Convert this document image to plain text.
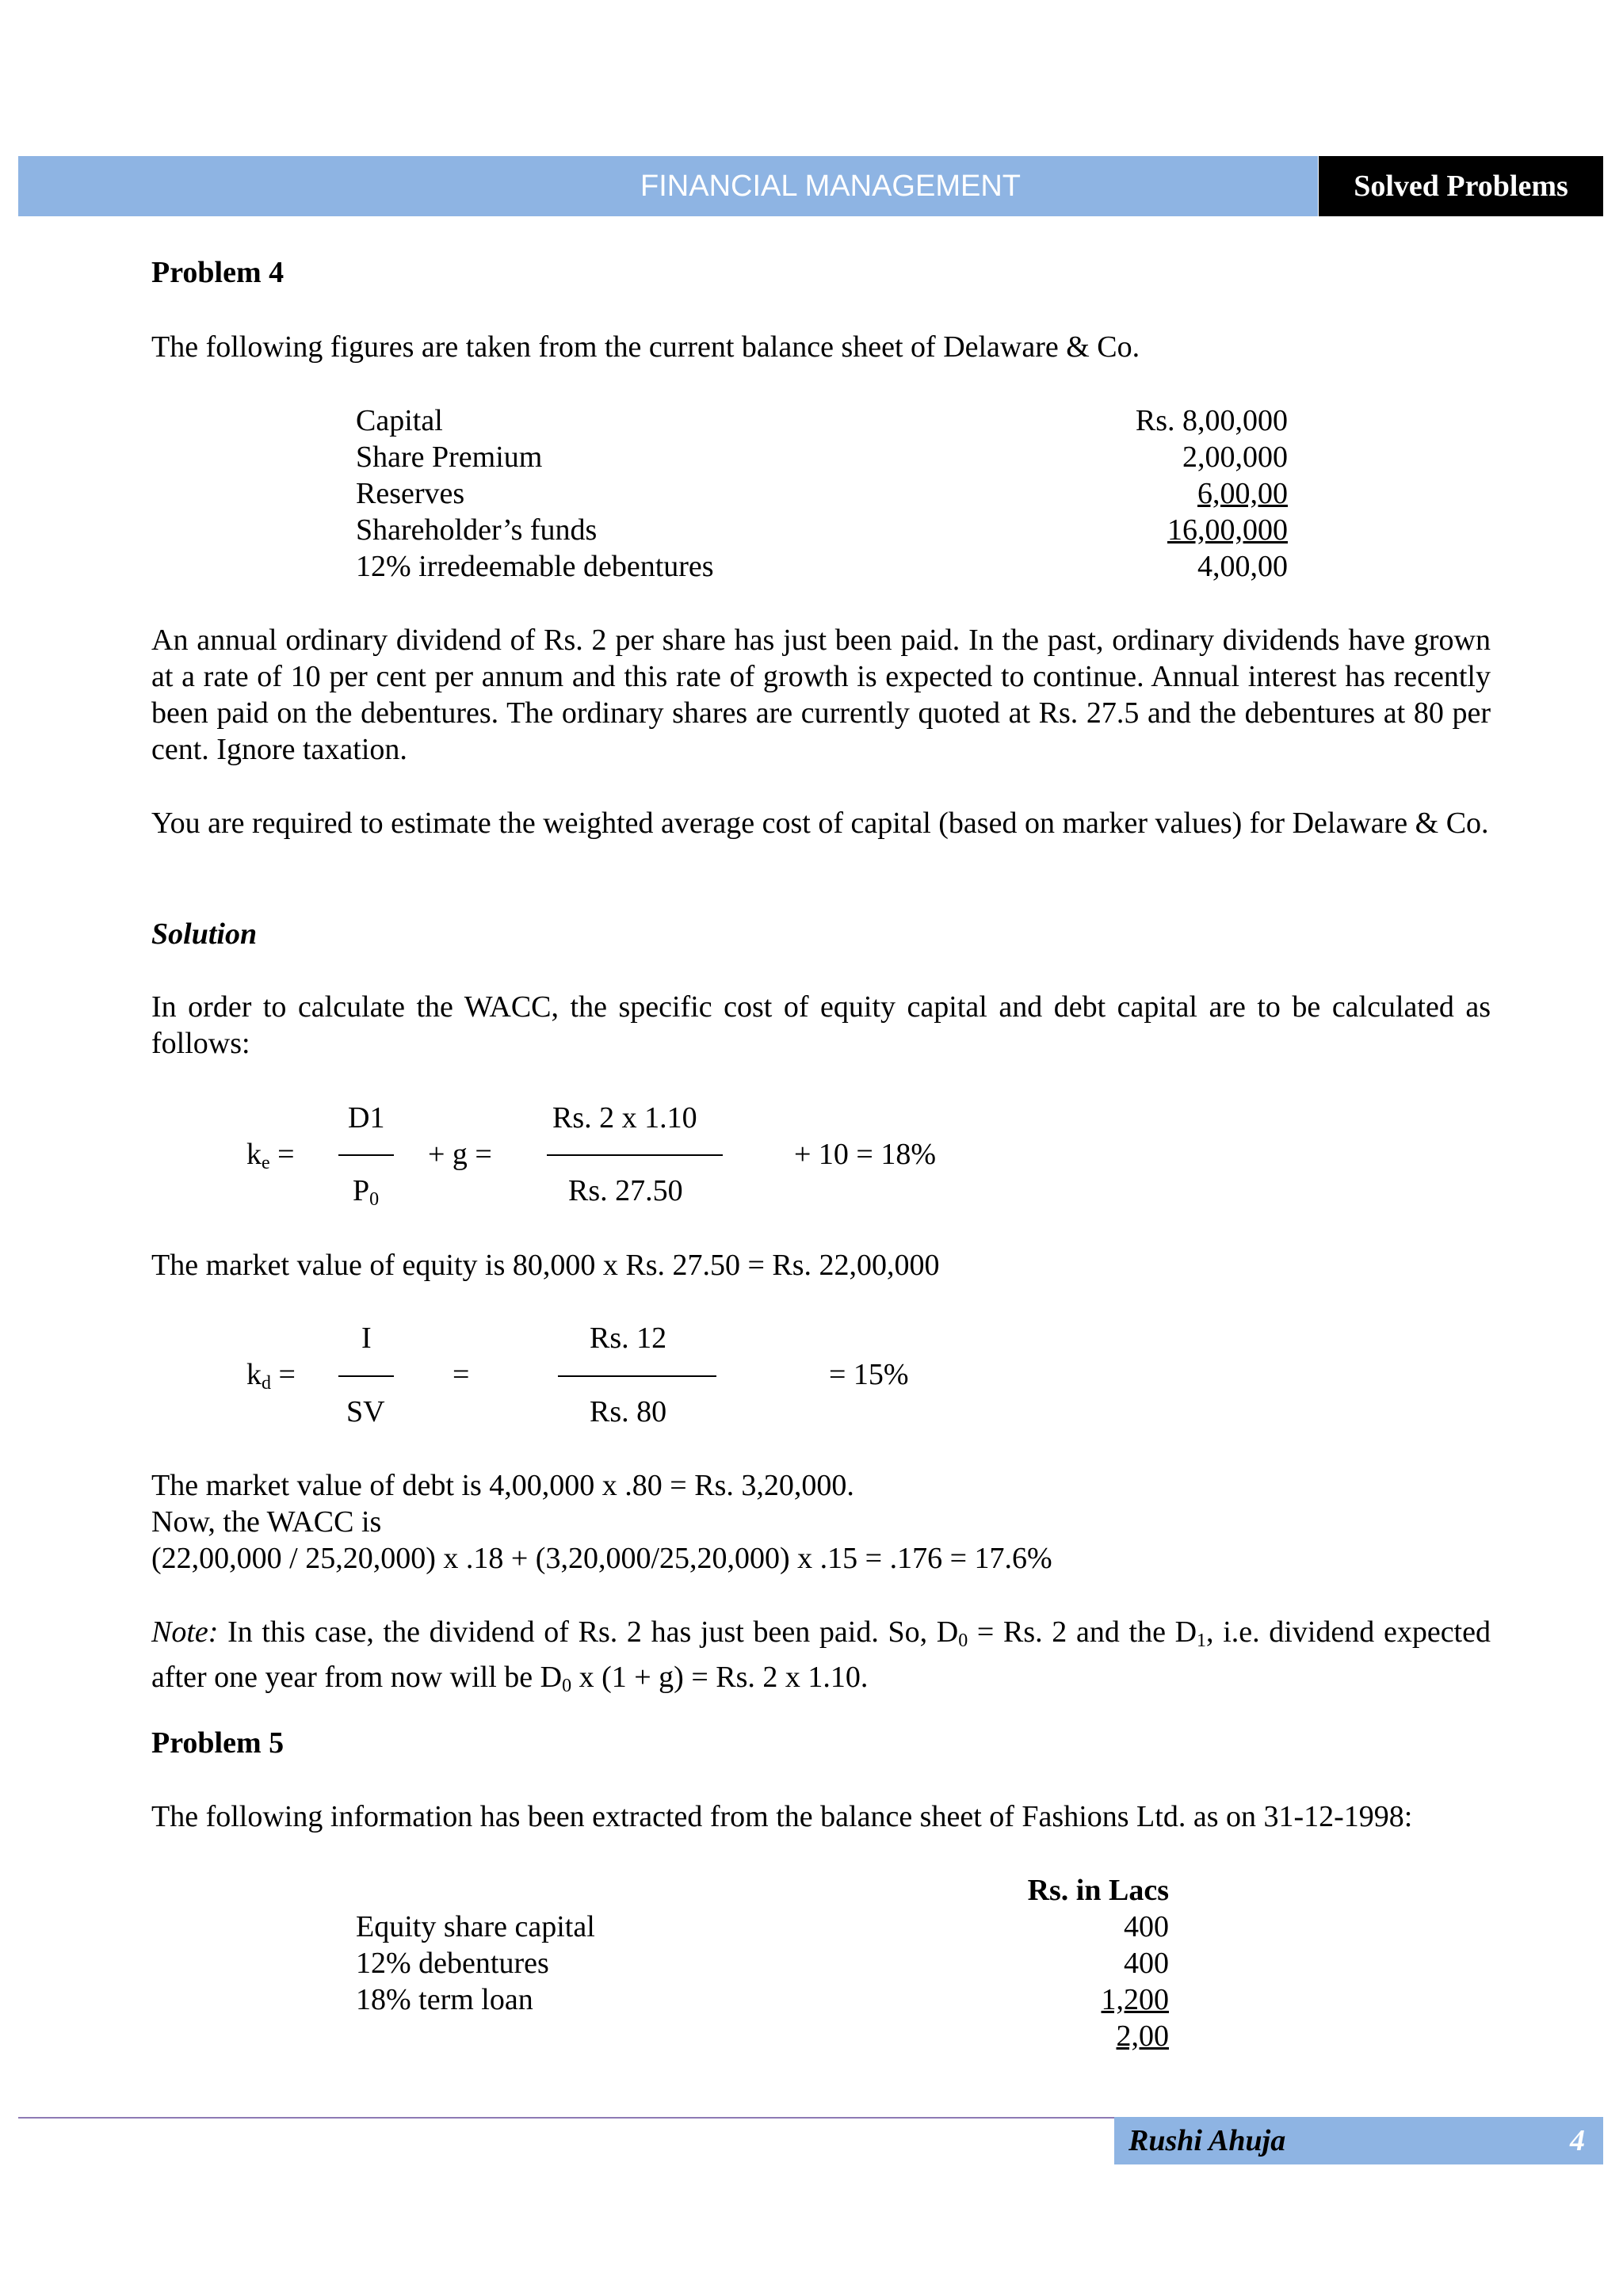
FINANCIAL MANAGEMENT	Solved Problems
Problem 4
The following figures are taken from the current balance sheet of Delaware & Co.
Capital	Rs. 8,00,000
Share Premium	2,00,000
Reserves	6,00,00
Shareholder’s funds	16,00,000
12% irredeemable debentures	4,00,00
An annual ordinary dividend of Rs. 2 per share has just been paid. In the past, ordinary dividends have grown at a rate of 10 per cent per annum and this rate of growth is expected to continue. Annual interest has recently been paid on the debentures. The ordinary shares are currently quoted at Rs. 27.5 and the debentures at 80 per cent. Ignore taxation.
You are required to estimate the weighted average cost of capital (based on marker values) for Delaware & Co.
Solution
In order to calculate the WACC, the specific cost of equity capital and debt capital are to be calculated as follows:
$k_e$ =
D1
$P_0$
+ g =
Rs. 2 x 1.10
Rs. 27.50
+ 10 = 18%
The market value of equity is 80,000 x Rs. 27.50 = Rs. 22,00,000
$k_d$ =
I
SV
=
Rs. 12
Rs. 80
= 15%
The market value of debt is 4,00,000 x .80 = Rs. 3,20,000.
Now, the WACC is
(22,00,000 / 25,20,000) x .18 + (3,20,000/25,20,000) x .15 = .176 = 17.6%
Note: In this case, the dividend of Rs. 2 has just been paid. So, $D_0 = Rs$. 2 and the $D_1$, i.e. dividend expected after one year from now will be $D_0$ x (1 + g) = Rs. 2 x 1.10.
Problem 5
The following information has been extracted from the balance sheet of Fashions Ltd. as on 31-12-1998:
Rs. in Lacs
Equity share capital	400
12% debentures	400
18% term loan	1,200
2,00
Rushi Ahuja	4
